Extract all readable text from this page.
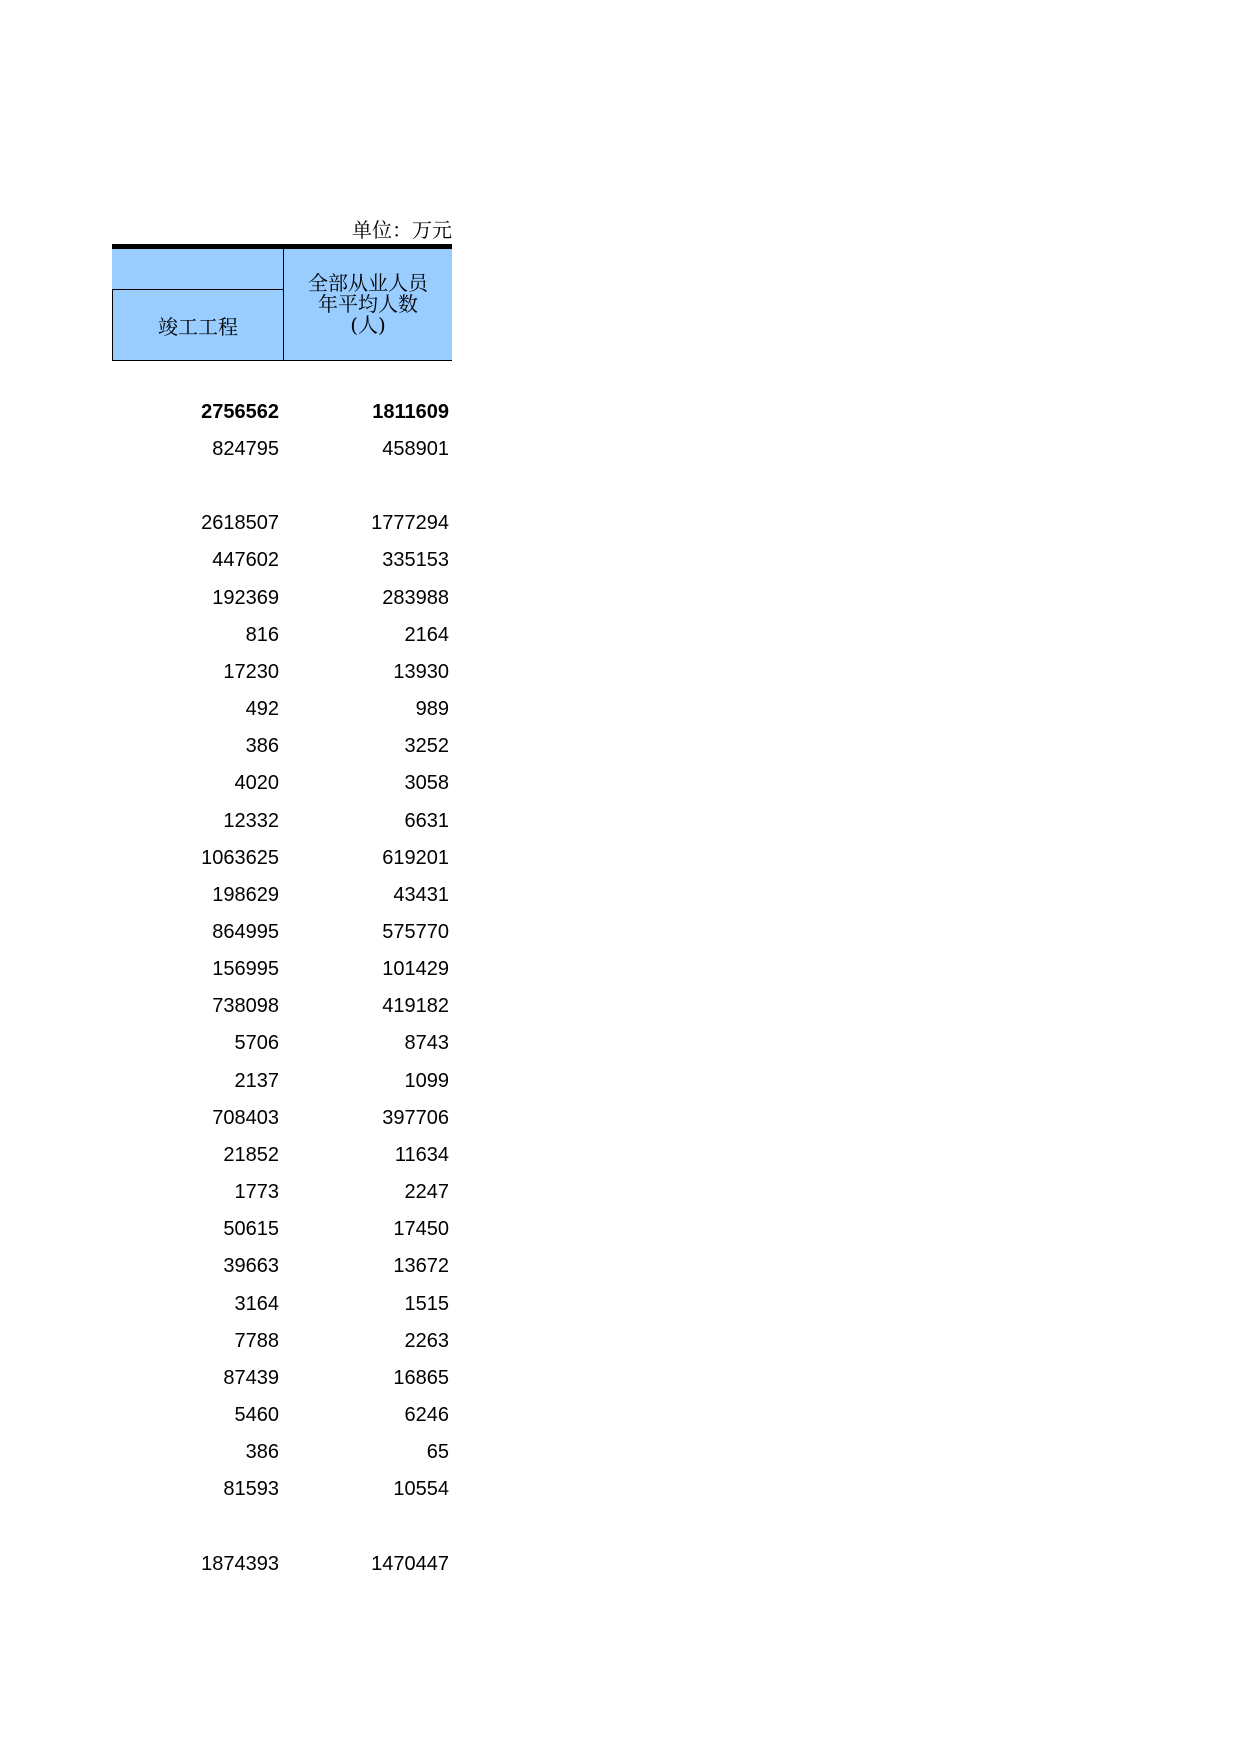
单位：万元
竣工工程
全部从业人员
年平均人数
(人)
2756562	1811609
824795	458901
2618507	1777294
447602	335153
192369	283988
816	2164
17230	13930
492	989
386	3252
4020	3058
12332	6631
1063625	619201
198629	43431
864995	575770
156995	101429
738098	419182
5706	8743
2137	1099
708403	397706
21852	11634
1773	2247
50615	17450
39663	13672
3164	1515
7788	2263
87439	16865
5460	6246
386	65
81593	10554
1874393	1470447
